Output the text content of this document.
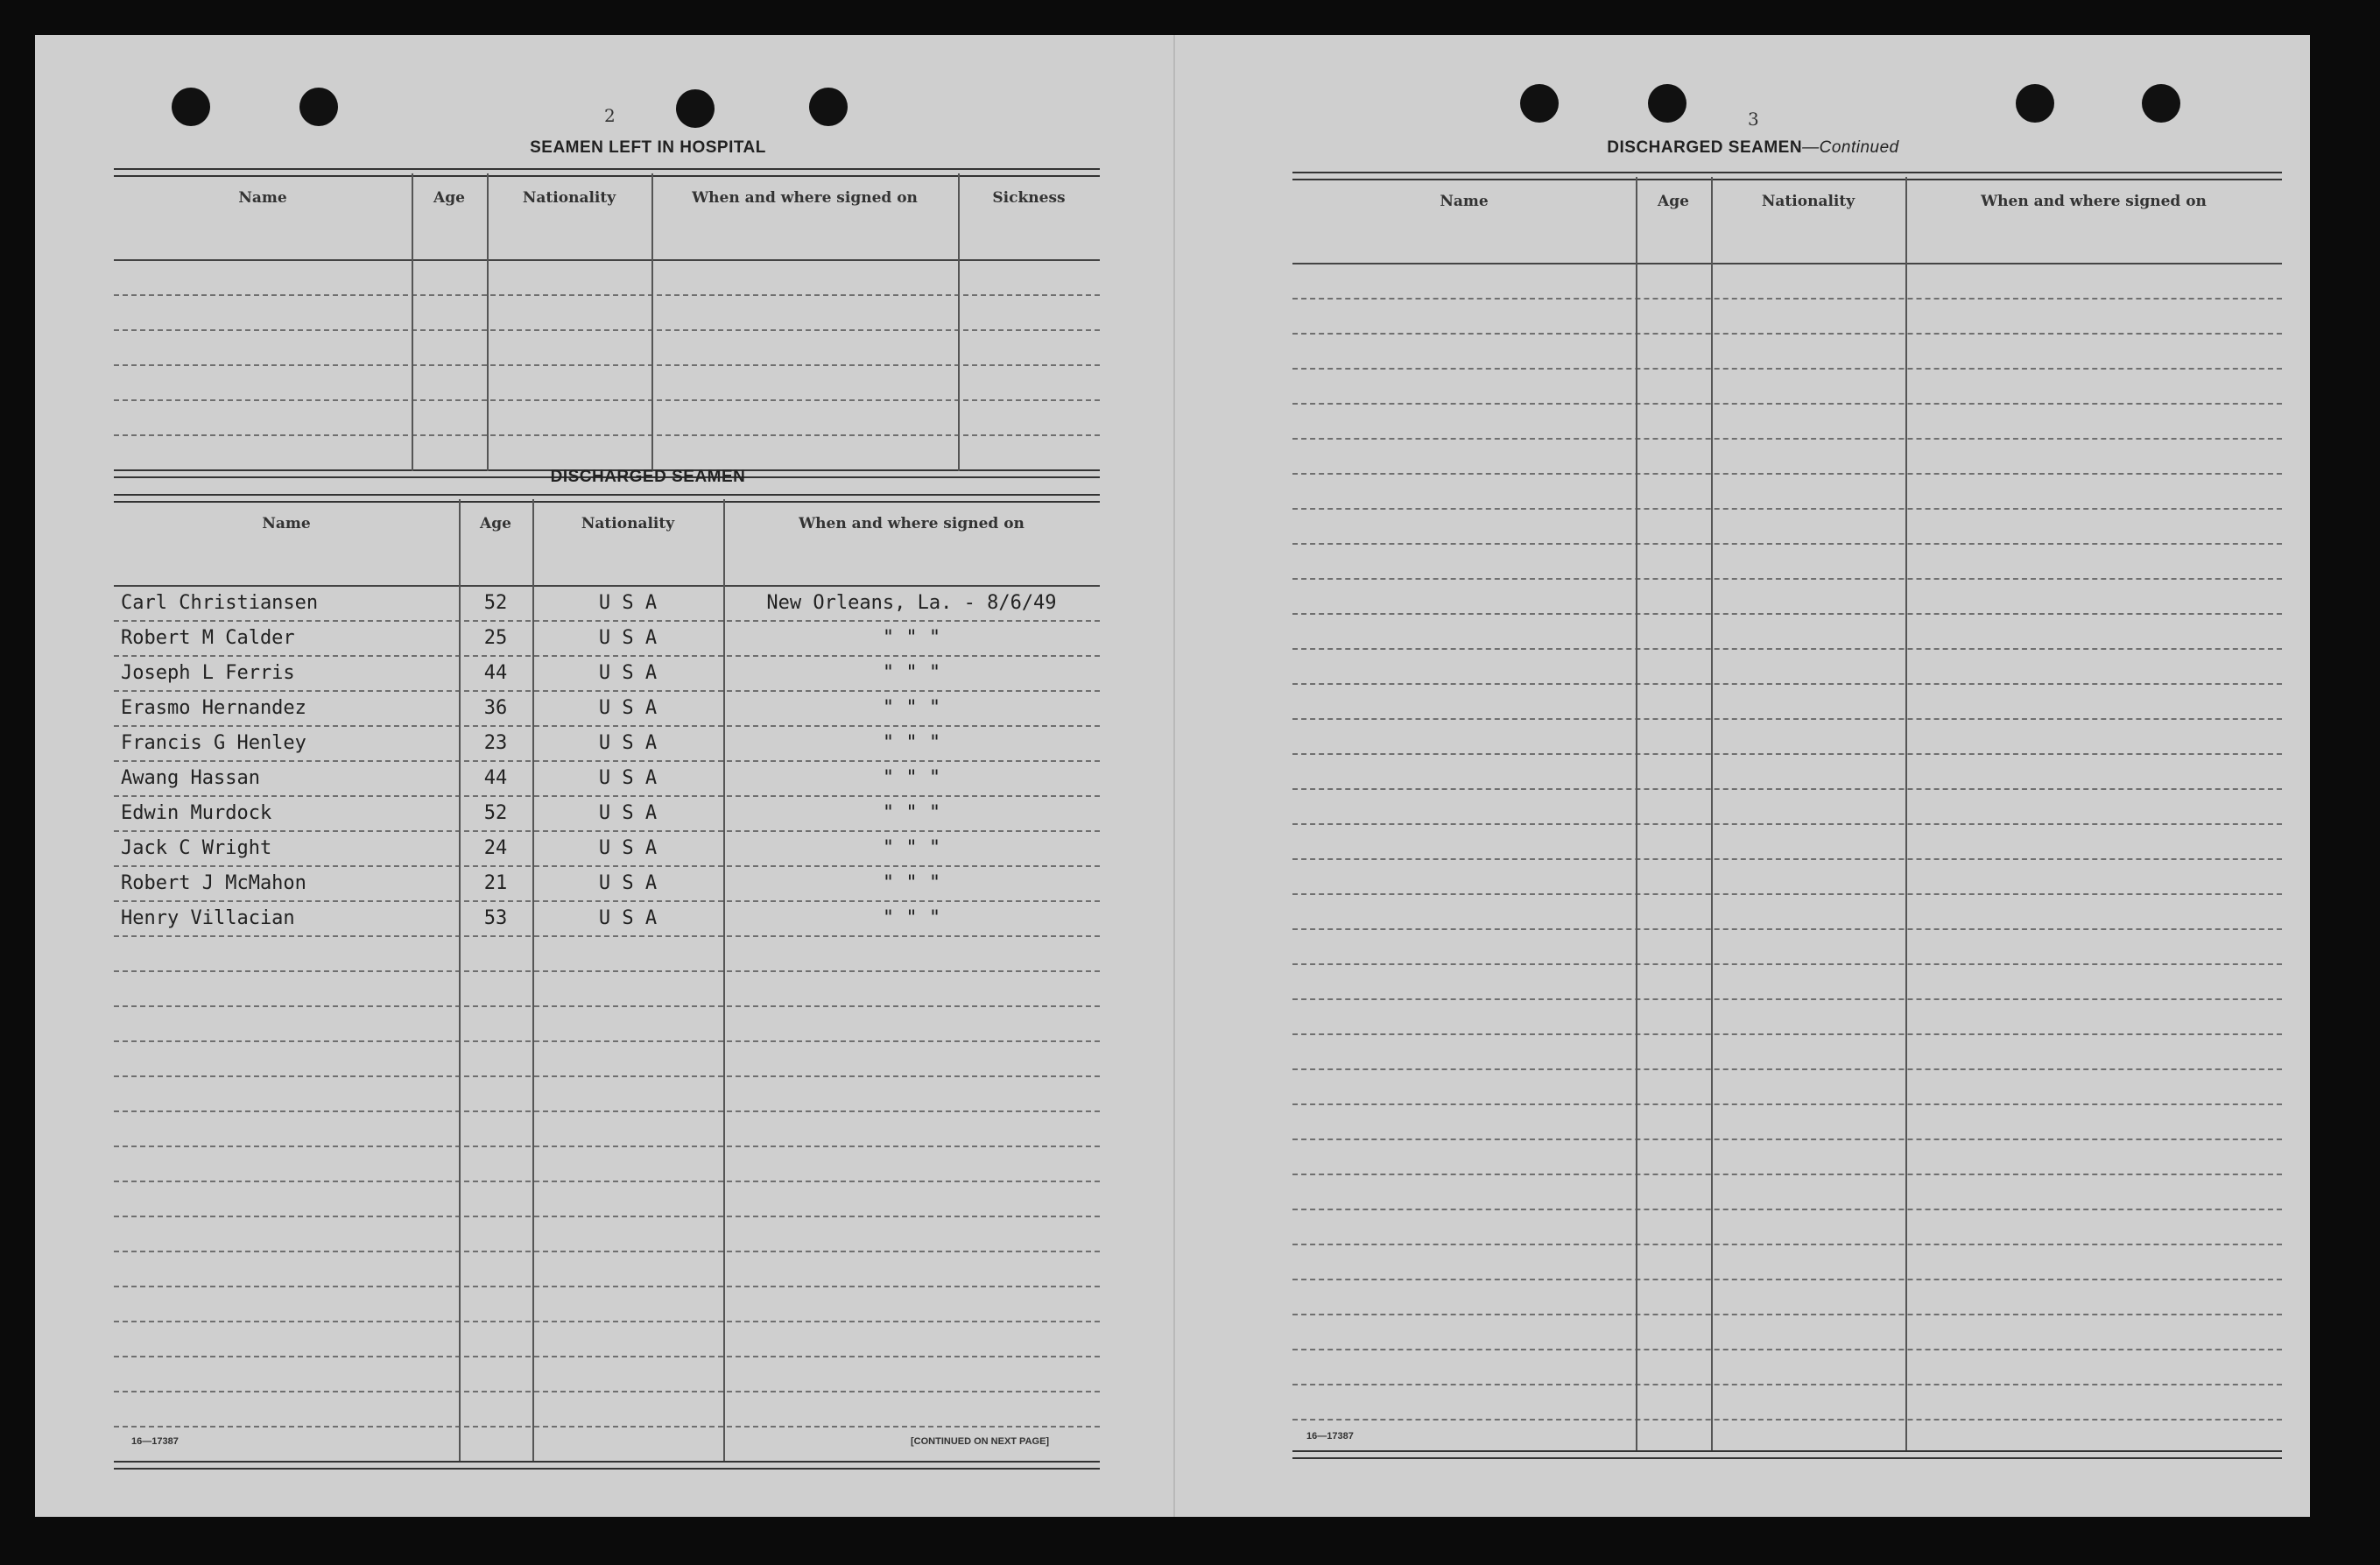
2
SEAMEN LEFT IN HOSPITAL
Name	Age	Nationality	When and where signed on	Sickness
DISCHARGED SEAMEN
Name	Age	Nationality	When and where signed on
Carl Christiansen	52	U S A	New Orleans, La. - 8/6/49
Robert M Calder	25	U S A	" " "
Joseph L Ferris	44	U S A	" " "
Erasmo Hernandez	36	U S A	" " "
Francis G Henley	23	U S A	" " "
Awang Hassan	44	U S A	" " "
Edwin Murdock	52	U S A	" " "
Jack C Wright	24	U S A	" " "
Robert J McMahon	21	U S A	" " "
Henry Villacian	53	U S A	" " "
16—17387	[CONTINUED ON NEXT PAGE]
3
DISCHARGED SEAMEN—Continued
Name	Age	Nationality	When and where signed on
16—17387
